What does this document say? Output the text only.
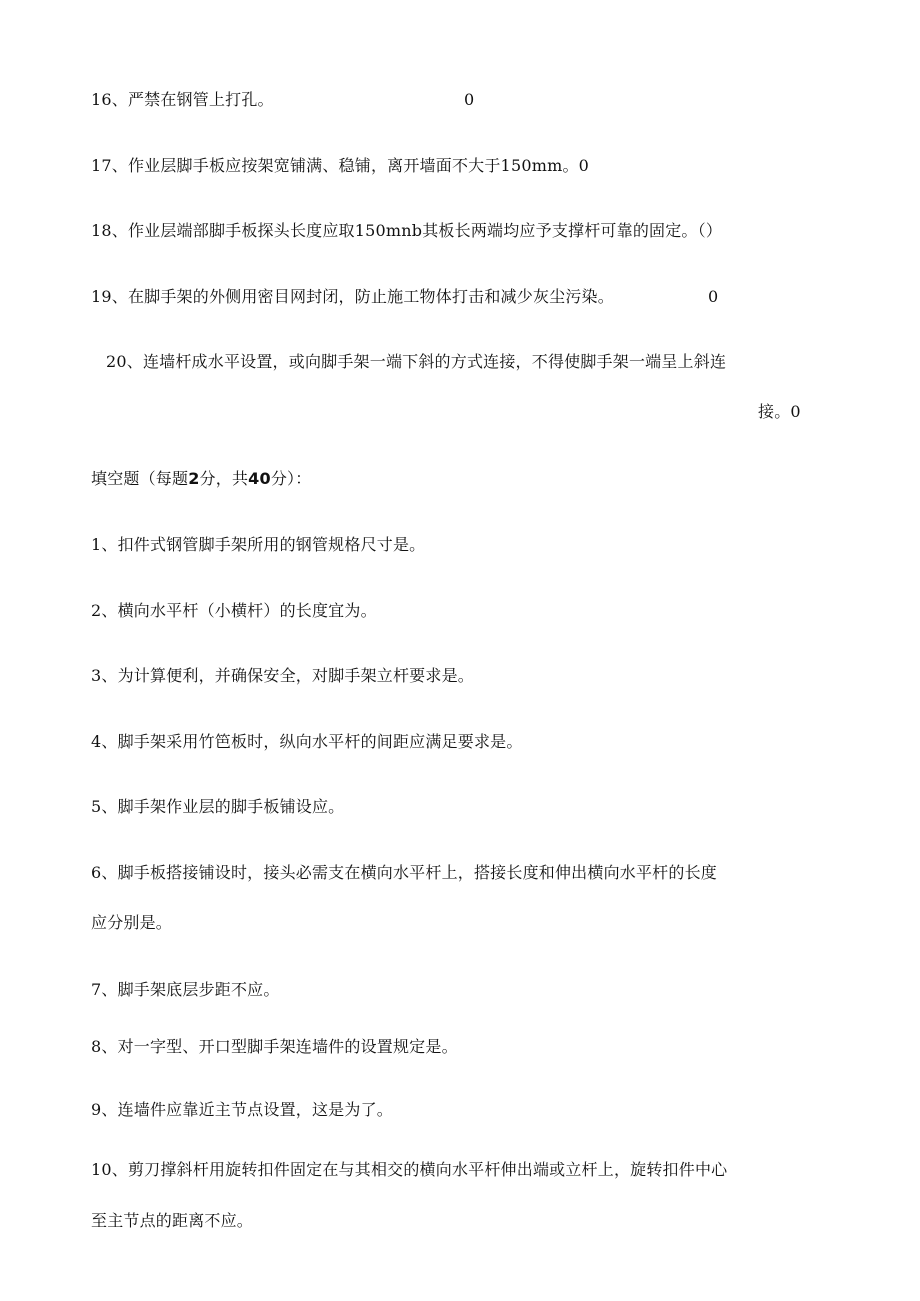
16、严禁在钢管上打孔。	0
17、作业层脚手板应按架宽铺满、稳铺，离开墙面不大于150mm。0
18、作业层端部脚手板探头长度应取150mnb其板长两端均应予支撑杆可靠的固定。（）
19、在脚手架的外侧用密目网封闭，防止施工物体打击和减少灰尘污染。	0
20、连墙杆成水平设置，或向脚手架一端下斜的方式连接，不得使脚手架一端呈上斜连
接。0
填空题（每题2分，共40分）：
1、扣件式钢管脚手架所用的钢管规格尺寸是。
2、横向水平杆（小横杆）的长度宜为。
3、为计算便利，并确保安全，对脚手架立杆要求是。
4、脚手架采用竹笆板时，纵向水平杆的间距应满足要求是。
5、脚手架作业层的脚手板铺设应。
6、脚手板搭接铺设时，接头必需支在横向水平杆上，搭接长度和伸出横向水平杆的长度
应分别是。
7、脚手架底层步距不应。
8、对一字型、开口型脚手架连墙件的设置规定是。
9、连墙件应靠近主节点设置，这是为了。
10、剪刀撑斜杆用旋转扣件固定在与其相交的横向水平杆伸出端或立杆上，旋转扣件中心
至主节点的距离不应。
